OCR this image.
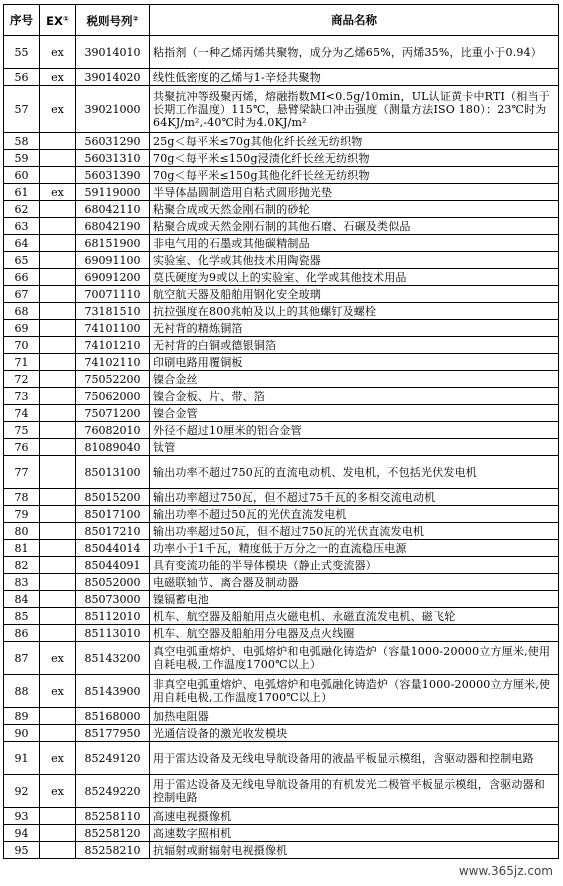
序号	EX①	税则号列②	商品名称
55	ex	39014010	粘指剂（一种乙烯丙烯共聚物，成分为乙烯65%，丙烯35%，比重小于0.94）
56	ex	39014020	线性低密度的乙烯与1-辛烃共聚物
57	ex	39021000	共聚抗冲等级聚丙烯，熔融指数MI<0.5g/10min，UL认证黄卡中RTI（相当于长期工作温度）115℃，悬臂梁缺口冲击强度（测量方法ISO 180）：23℃时为64KJ/m²,-40℃时为4.0KJ/m²
58		56031290	25g＜每平米≤70g其他化纤长丝无纺织物
59		56031310	70g＜每平米≤150g浸渍化纤长丝无纺织物
60		56031390	70g＜每平米≤150g其他化纤长丝无纺织物
61	ex	59119000	半导体晶圆制造用自粘式圆形抛光垫
62		68042110	粘聚合成或天然金刚石制的砂轮
63		68042190	粘聚合成或天然金刚石制的其他石磨、石碾及类似品
64		68151900	非电气用的石墨或其他碳精制品
65		69091100	实验室、化学或其他技术用陶瓷器
66		69091200	莫氏硬度为9或以上的实验室、化学或其他技术用品
67		70071110	航空航天器及船舶用钢化安全玻璃
68		73181510	抗拉强度在800兆帕及以上的其他螺钉及螺栓
69		74101100	无衬背的精炼铜箔
70		74101210	无衬背的白铜或德银铜箔
71		74102110	印刷电路用覆铜板
72		75052200	镍合金丝
73		75062000	镍合金板、片、带、箔
74		75071200	镍合金管
75		76082010	外径不超过10厘米的铝合金管
76		81089040	钛管
77		85013100	输出功率不超过750瓦的直流电动机、发电机，不包括光伏发电机
78		85015200	输出功率超过750瓦，但不超过75千瓦的多相交流电动机
79		85017100	输出功率不超过50瓦的光伏直流发电机
80		85017210	输出功率超过50瓦，但不超过750瓦的光伏直流发电机
81		85044014	功率小于1千瓦，精度低于万分之一的直流稳压电源
82		85044091	具有变流功能的半导体模块（静止式变流器）
83		85052000	电磁联轴节、离合器及制动器
84		85073000	镍镉蓄电池
85		85112010	机车、航空器及船舶用点火磁电机、永磁直流发电机、磁飞轮
86		85113010	机车、航空器及船舶用分电器及点火线圈
87	ex	85143200	真空电弧重熔炉、电弧熔炉和电弧融化铸造炉（容量1000-20000立方厘米,使用自耗电极,工作温度1700℃以上）
88	ex	85143900	非真空电弧重熔炉、电弧熔炉和电弧融化铸造炉（容量1000-20000立方厘米,使用自耗电极,工作温度1700℃以上）
89		85168000	加热电阻器
90		85177950	光通信设备的激光收发模块
91	ex	85249120	用于雷达设备及无线电导航设备用的液晶平板显示模组，含驱动器和控制电路
92	ex	85249220	用于雷达设备及无线电导航设备用的有机发光二极管平板显示模组，含驱动器和控制电路
93		85258110	高速电视摄像机
94		85258120	高速数字照相机
95		85258210	抗辐射或耐辐射电视摄像机
www.365jz.com
